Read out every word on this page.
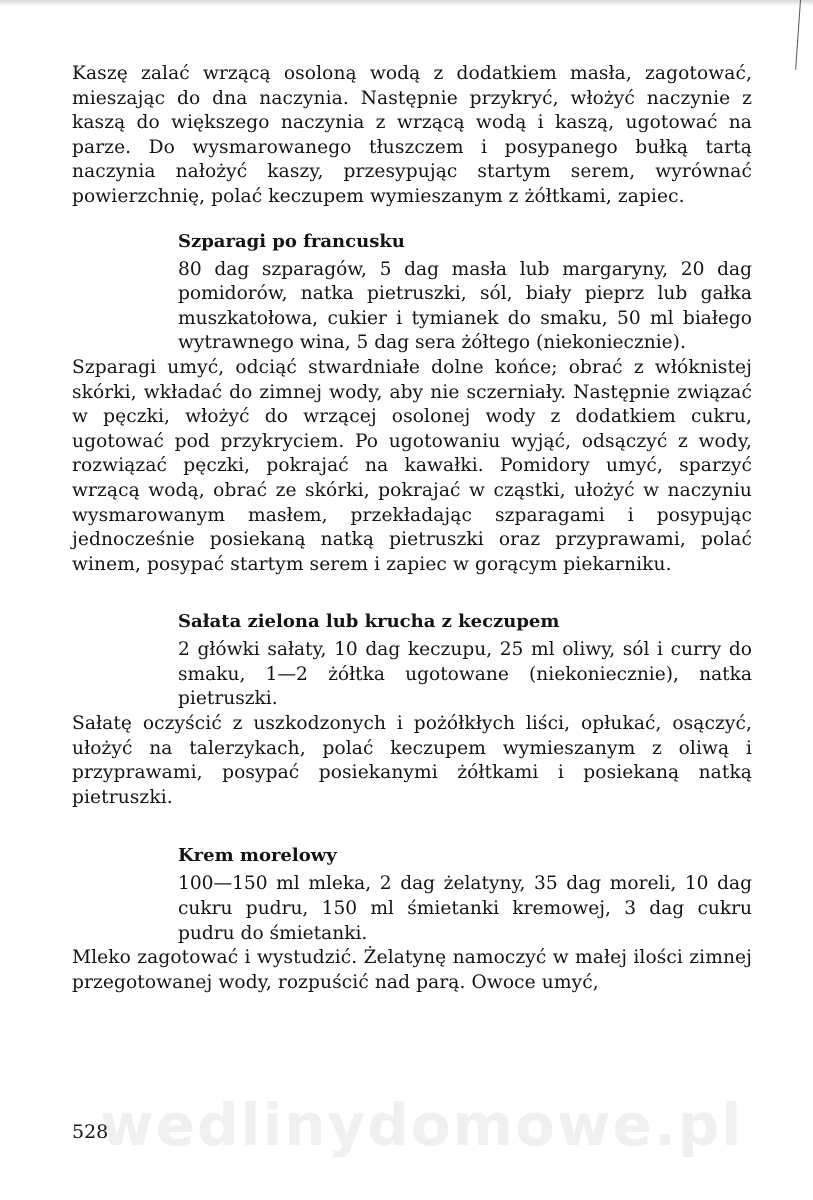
Kaszę zalać wrzącą osoloną wodą z dodatkiem masła, zagotować, mieszając do dna naczynia. Następnie przykryć, włożyć naczynie z kaszą do większego naczynia z wrzącą wodą i kaszą, ugotować na parze. Do wysmarowanego tłuszczem i posypanego bułką tartą naczynia nałożyć kaszy, przesypując startym serem, wyrównać powierzchnię, polać keczupem wymieszanym z żółtkami, zapiec.

Szparagi po francusku

80 dag szparagów, 5 dag masła lub margaryny, 20 dag pomidorów, natka pietruszki, sól, biały pieprz lub gałka muszkatołowa, cukier i tymianek do smaku, 50 ml białego wytrawnego wina, 5 dag sera żółtego (niekoniecznie).

Szparagi umyć, odciąć stwardniałe dolne końce; obrać z włóknistej skórki, wkładać do zimnej wody, aby nie sczerniały. Następnie związać w pęczki, włożyć do wrzącej osolonej wody z dodatkiem cukru, ugotować pod przykryciem. Po ugotowaniu wyjąć, odsączyć z wody, rozwiązać pęczki, pokrajać na kawałki. Pomidory umyć, sparzyć wrzącą wodą, obrać ze skórki, pokrajać w cząstki, ułożyć w naczyniu wysmarowanym masłem, przekładając szparagami i posypując jednocześnie posiekaną natką pietruszki oraz przyprawami, polać winem, posypać startym serem i zapiec w gorącym piekarniku.

Sałata zielona lub krucha z keczupem

2 główki sałaty, 10 dag keczupu, 25 ml oliwy, sól i curry do smaku, 1—2 żółtka ugotowane (niekoniecznie), natka pietruszki.

Sałatę oczyścić z uszkodzonych i pożółkłych liści, opłukać, osączyć, ułożyć na talerzykach, polać keczupem wymieszanym z oliwą i przyprawami, posypać posiekanymi żółtkami i posiekaną natką pietruszki.

Krem morelowy

100—150 ml mleka, 2 dag żelatyny, 35 dag moreli, 10 dag cukru pudru, 150 ml śmietanki kremowej, 3 dag cukru pudru do śmietanki.

Mleko zagotować i wystudzić. Żelatynę namoczyć w małej ilości zimnej przegotowanej wody, rozpuścić nad parą. Owoce umyć,

wedlinydomowe.pl

528
